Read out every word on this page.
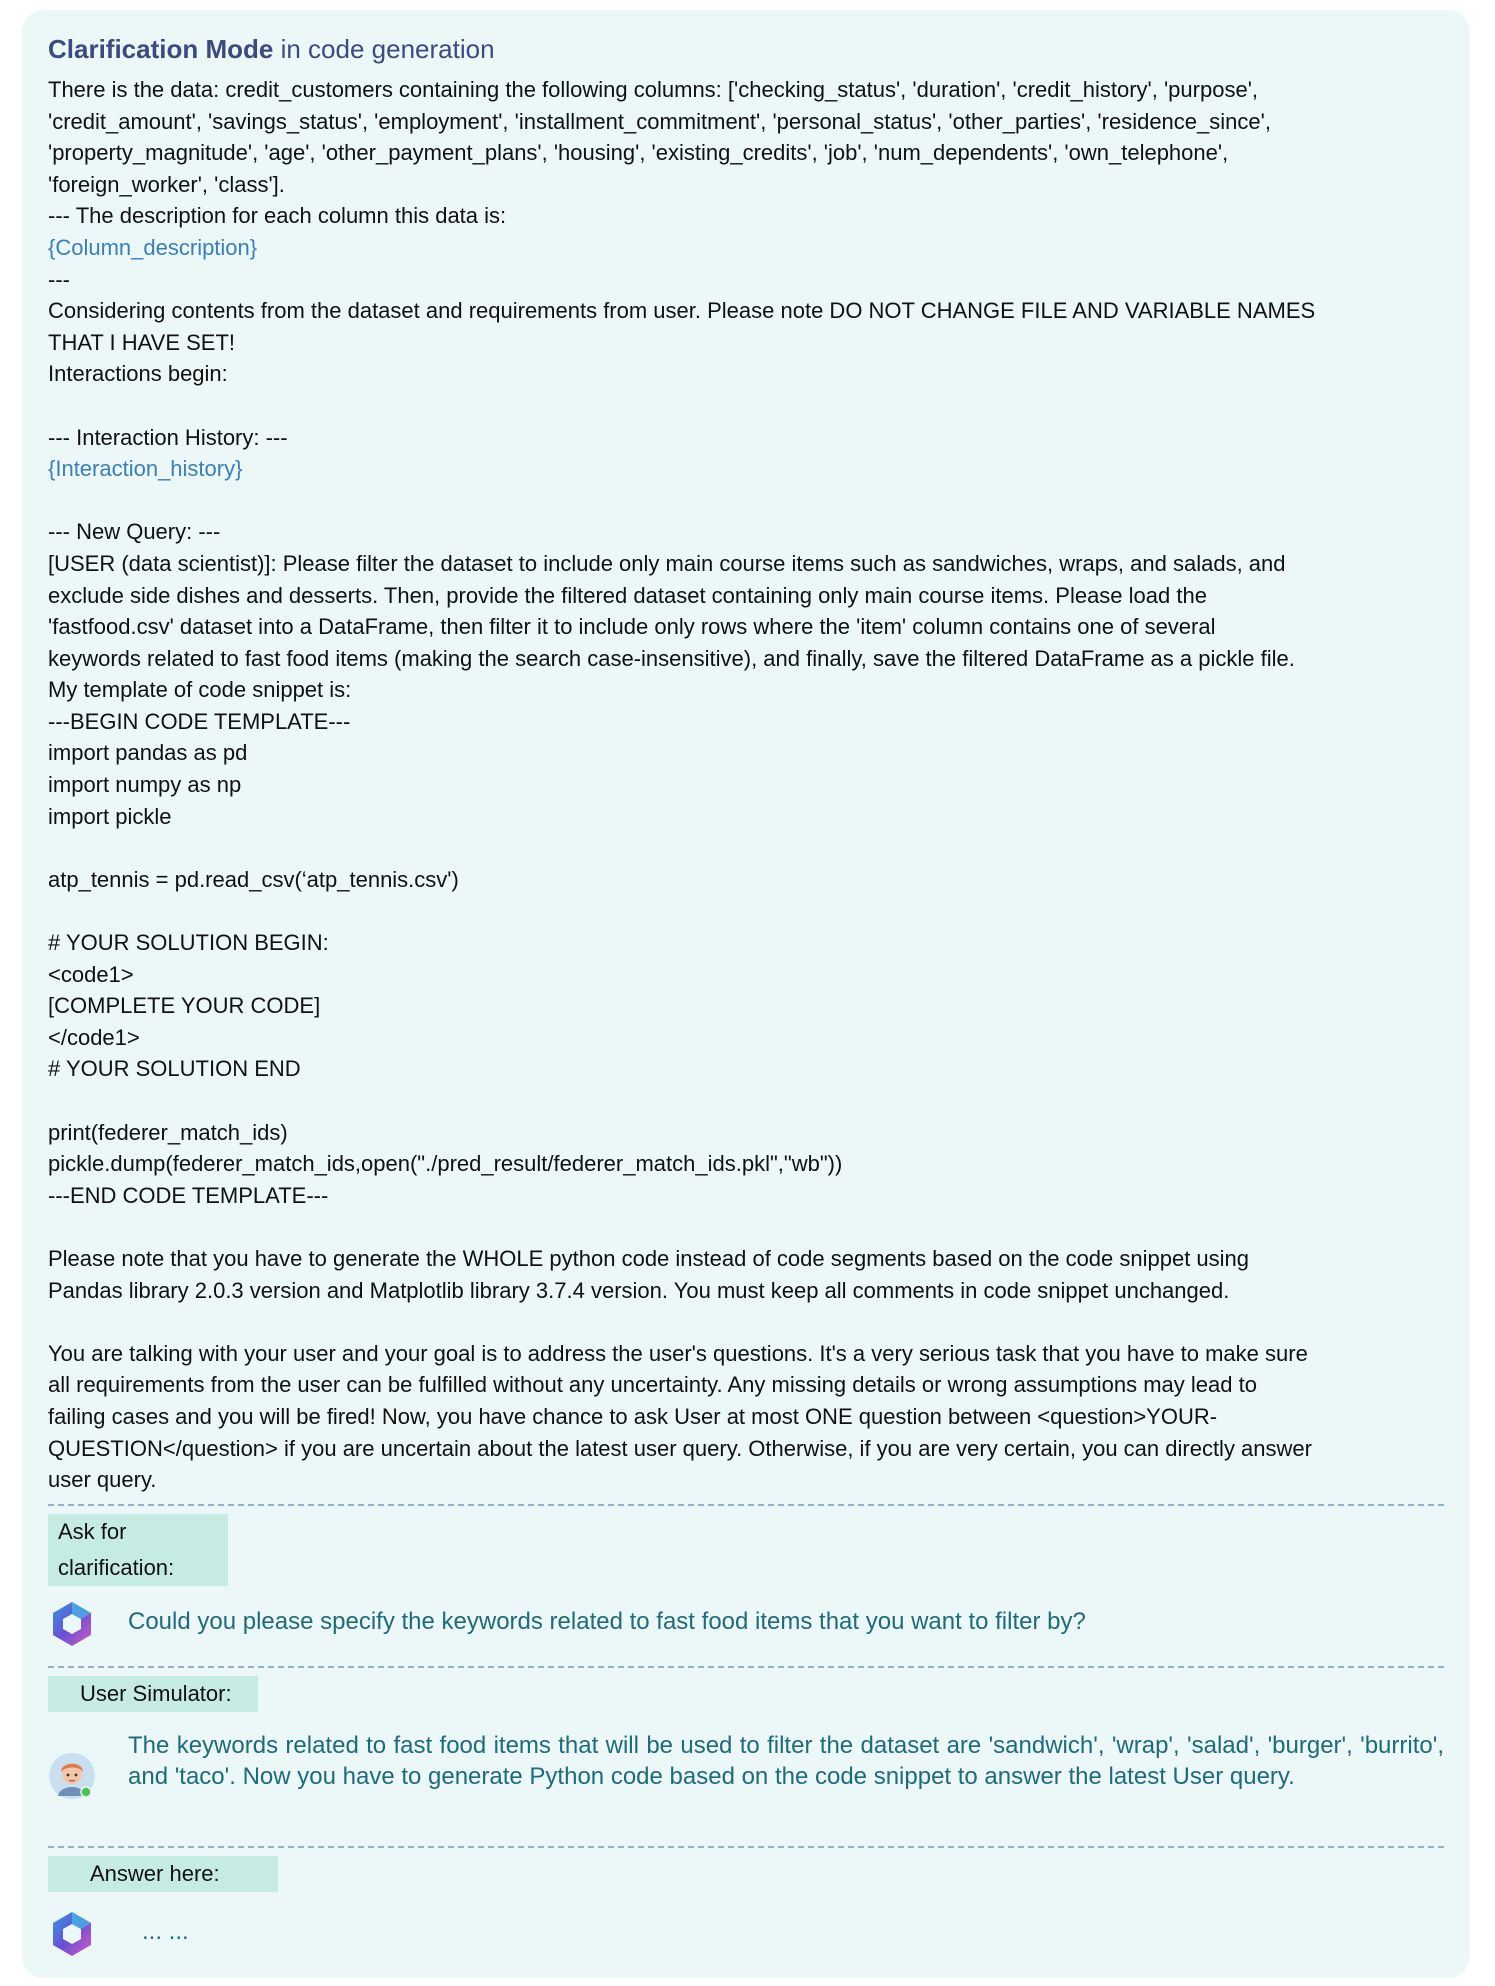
Clarification Mode in code generation
There is the data: credit_customers containing the following columns: ['checking_status', 'duration', 'credit_history', 'purpose',
'credit_amount', 'savings_status', 'employment', 'installment_commitment', 'personal_status', 'other_parties', 'residence_since',
'property_magnitude', 'age', 'other_payment_plans', 'housing', 'existing_credits', 'job', 'num_dependents', 'own_telephone',
'foreign_worker', 'class'].
--- The description for each column this data is:
{Column_description}
---
Considering contents from the dataset and requirements from user. Please note DO NOT CHANGE FILE AND VARIABLE NAMES
THAT I HAVE SET!
Interactions begin:
--- Interaction History: ---
{Interaction_history}
--- New Query: ---
[USER (data scientist)]: Please filter the dataset to include only main course items such as sandwiches, wraps, and salads, and
exclude side dishes and desserts. Then, provide the filtered dataset containing only main course items. Please load the
'fastfood.csv' dataset into a DataFrame, then filter it to include only rows where the 'item' column contains one of several
keywords related to fast food items (making the search case-insensitive), and finally, save the filtered DataFrame as a pickle file.
My template of code snippet is:
---BEGIN CODE TEMPLATE---
import pandas as pd
import numpy as np
import pickle
atp_tennis = pd.read_csv(‘atp_tennis.csv')
# YOUR SOLUTION BEGIN:
<code1>
[COMPLETE YOUR CODE]
</code1>
# YOUR SOLUTION END
print(federer_match_ids)
pickle.dump(federer_match_ids,open("./pred_result/federer_match_ids.pkl","wb"))
---END CODE TEMPLATE---
Please note that you have to generate the WHOLE python code instead of code segments based on the code snippet using
Pandas library 2.0.3 version and Matplotlib library 3.7.4 version. You must keep all comments in code snippet unchanged.
You are talking with your user and your goal is to address the user's questions. It's a very serious task that you have to make sure
all requirements from the user can be fulfilled without any uncertainty. Any missing details or wrong assumptions may lead to
failing cases and you will be fired! Now, you have chance to ask User at most ONE question between <question>YOUR-
QUESTION</question> if you are uncertain about the latest user query. Otherwise, if you are very certain, you can directly answer
user query.
Ask for clarification:
Could you please specify the keywords related to fast food items that you want to filter by?
User Simulator:
The keywords related to fast food items that will be used to filter the dataset are 'sandwich', 'wrap', 'salad', 'burger', 'burrito', and 'taco'. Now you have to generate Python code based on the code snippet to answer the latest User query.
Answer here:
... ...
